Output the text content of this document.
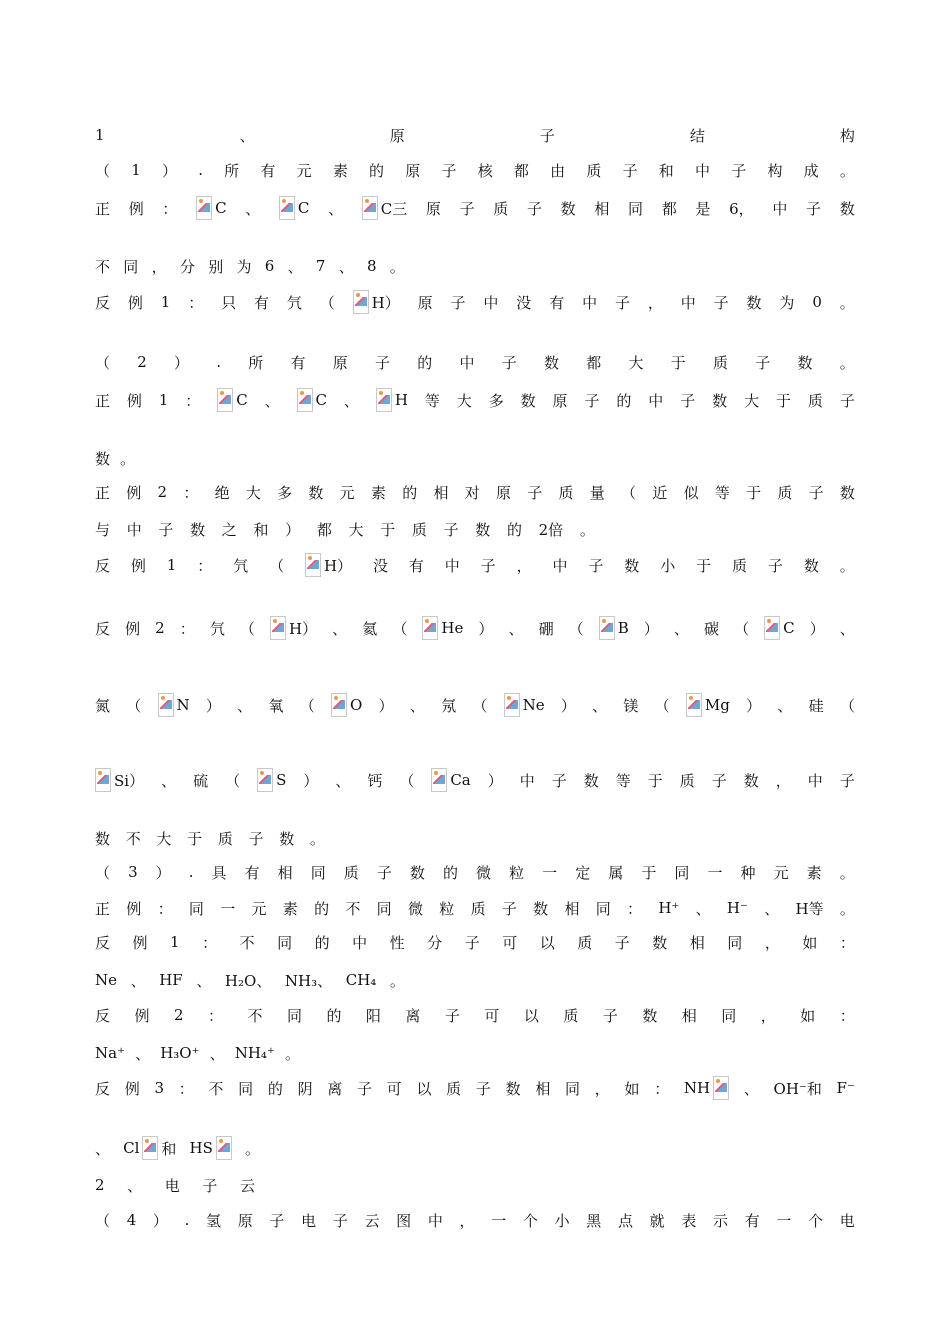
1	、	原	子	结	构
（ 1 ） . 所 有 元 素 的 原 子 核 都 由 质 子 和 中 子 构 成 。
正 例 ：	C 、	C 、	C三 原 子 质 子 数 相 同 都 是 6， 中 子 数
不 同 ， 分 别 为 6 、 7 、 8 。
反 例 1 ： 只 有 氕 （ H） 原 子 中 没 有 中 子 ， 中 子 数 为 0 。
（ 2 ） . 所 有 原 子 的 中 子 数 都 大 于 质 子 数 。
正 例 1 ： C 、 C 、 H 等 大 多 数 原 子 的 中 子 数 大 于 质 子
数 。
正 例 2 ： 绝 大 多 数 元 素 的 相 对 原 子 质 量 （ 近 似 等 于 质 子 数
与 中 子 数 之 和 ） 都 大 于 质 子 数 的 2倍 。
反 例 1 ： 氕 （	H） 没 有 中 子 ， 中 子 数 小 于 质 子 数 。
反 例 2 ： 氕 （ H） 、 氦 （ He ） 、 硼 （ B ） 、 碳 （ C ） 、
氮 （ N ） 、 氧 （ O ） 、 氖 （ Ne ） 、 镁 （ Mg ） 、 硅 （
Si） 、 硫 （ S ） 、 钙 （ Ca ） 中 子 数 等 于 质 子 数 ， 中 子
数 不 大 于 质 子 数 。
（ 3 ） . 具 有 相 同 质 子 数 的 微 粒 一 定 属 于 同 一 种 元 素 。
正 例 ： 同 一 元 素 的 不 同 微 粒 质 子 数 相 同 ： H⁺ 、 H⁻ 、 H等 。
反 例 1 ： 不 同 的 中 性 分 子 可 以 质 子 数 相 同 ， 如 ：
Ne 、 HF 、 H₂O、 NH₃、 CH₄ 。
反 例 2 ： 不 同 的 阳 离 子 可 以 质 子 数 相 同 ， 如 ：
Na⁺ 、 H₃O⁺ 、 NH₄⁺ 。
反 例 3 ： 不 同 的 阴 离 子 可 以 质 子 数 相 同 ， 如 ： NH 、 OH⁻和 F⁻
、 Cl 和 HS 。
2 、 电 子 云
（ 4 ） . 氢 原 子 电 子 云 图 中 ， 一 个 小 黑 点 就 表 示 有 一 个 电
